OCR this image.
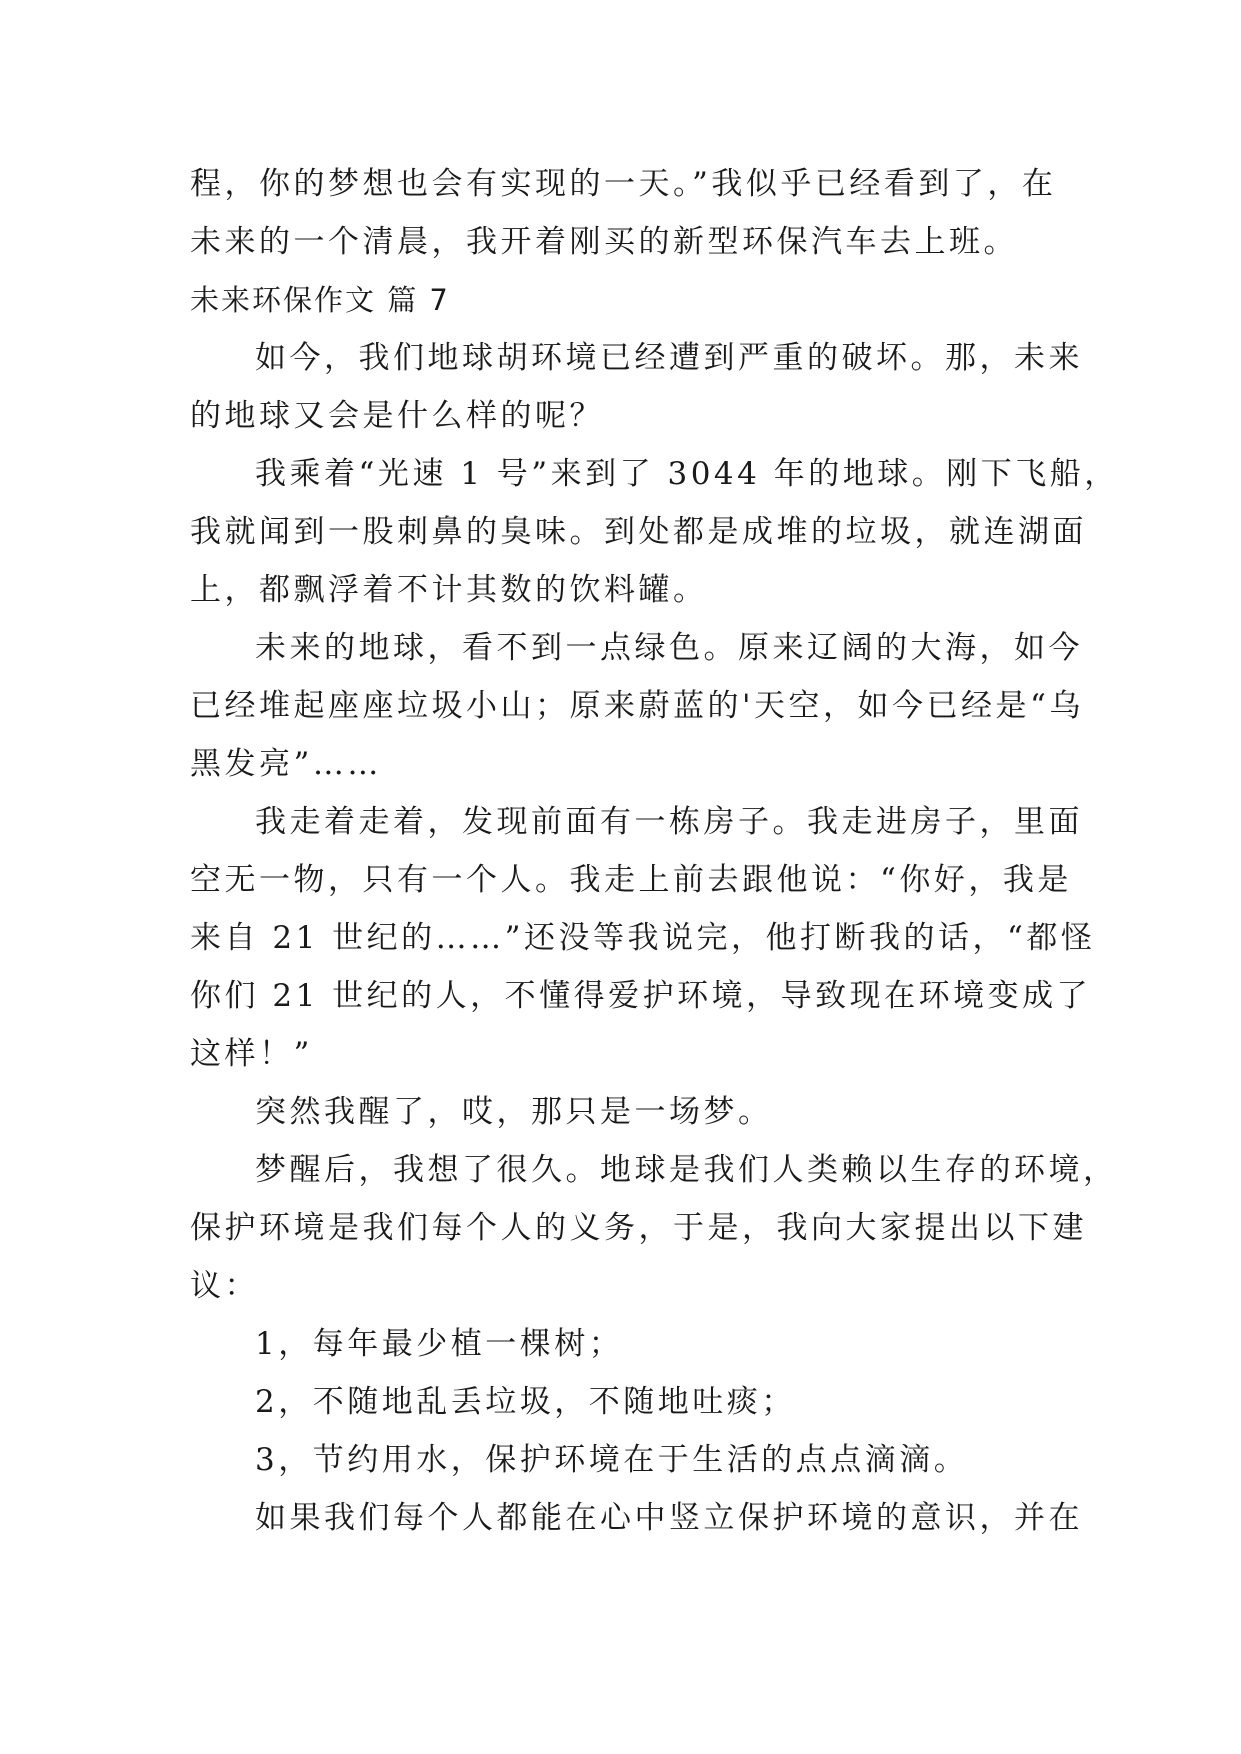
程，你的梦想也会有实现的一天。”我似乎已经看到了，在
未来的一个清晨，我开着刚买的新型环保汽车去上班。
未来环保作文 篇 7
如今，我们地球胡环境已经遭到严重的破坏。那，未来
的地球又会是什么样的呢？
我乘着“光速 1 号”来到了 3044 年的地球。刚下飞船，
我就闻到一股刺鼻的臭味。到处都是成堆的垃圾，就连湖面
上，都飘浮着不计其数的饮料罐。
未来的地球，看不到一点绿色。原来辽阔的大海，如今
已经堆起座座垃圾小山；原来蔚蓝的'天空，如今已经是“乌
黑发亮”……
我走着走着，发现前面有一栋房子。我走进房子，里面
空无一物，只有一个人。我走上前去跟他说：“你好，我是
来自 21 世纪的……”还没等我说完，他打断我的话，“都怪
你们 21 世纪的人，不懂得爱护环境，导致现在环境变成了
这样！”
突然我醒了，哎，那只是一场梦。
梦醒后，我想了很久。地球是我们人类赖以生存的环境，
保护环境是我们每个人的义务，于是，我向大家提出以下建
议：
1，每年最少植一棵树；
2，不随地乱丢垃圾，不随地吐痰；
3，节约用水，保护环境在于生活的点点滴滴。
如果我们每个人都能在心中竖立保护环境的意识，并在
